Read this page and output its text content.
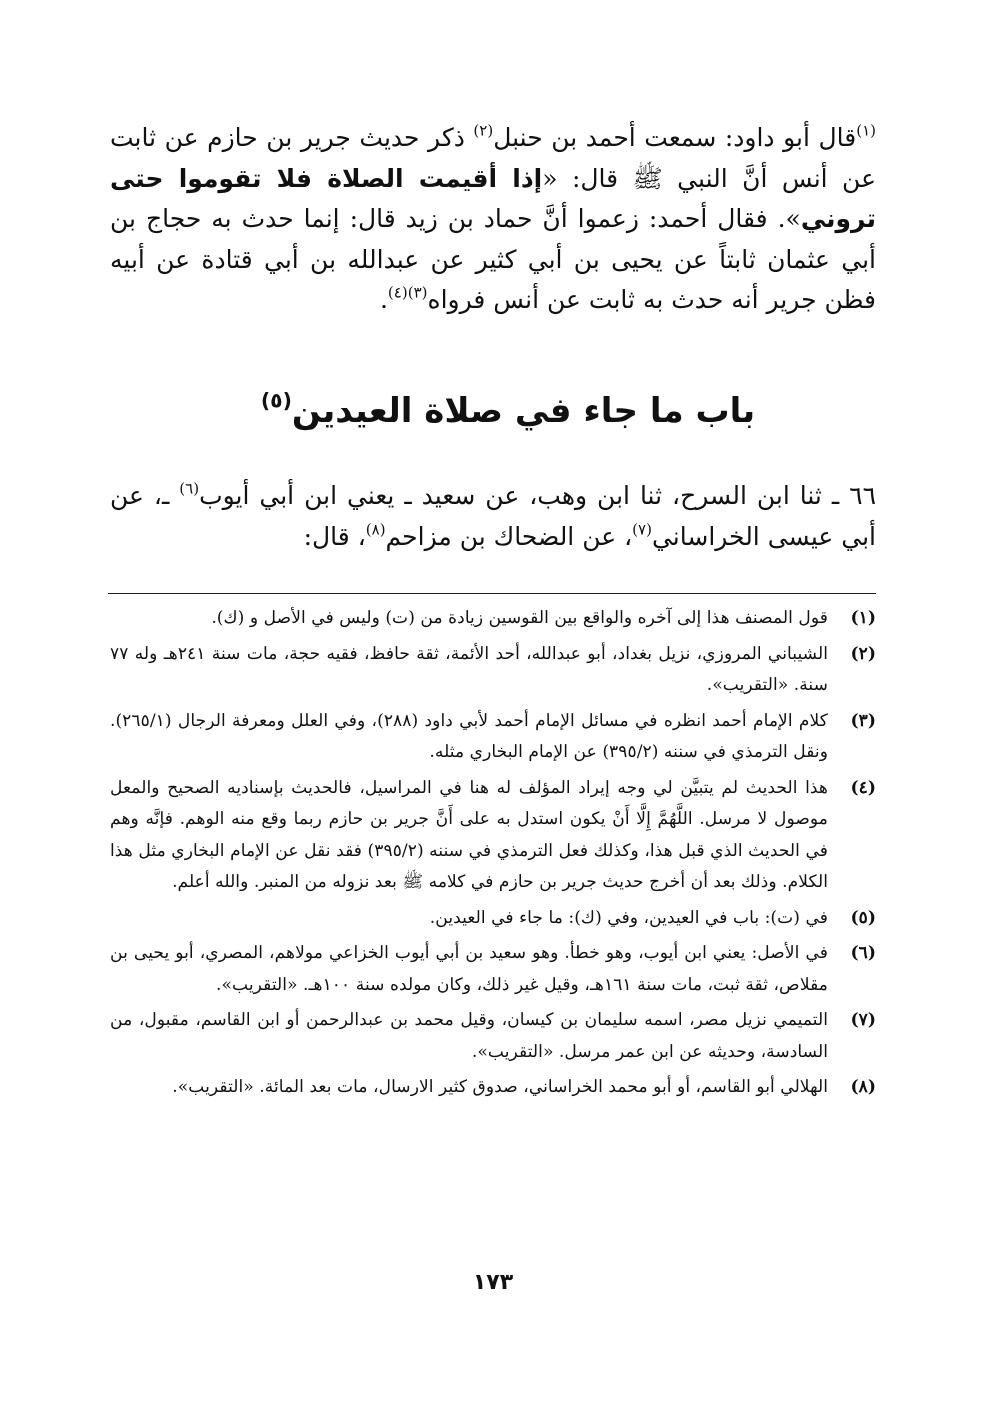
$^{(١)}$قال أبو داود: سمعت أحمد بن حنبل$^{(٢)}$ ذكر حديث جرير بن حازم عن ثابت عن أنس أنَّ النبي ﷺ قال: «إذا أقيمت الصلاة فلا تقوموا حتى تروني». فقال أحمد: زعموا أنَّ حماد بن زيد قال: إنما حدث به حجاج بن أبي عثمان ثابتاً عن يحيى بن أبي كثير عن عبدالله بن أبي قتادة عن أبيه فظن جرير أنه حدث به ثابت عن أنس فرواه$^{(٣)(٤)}$.

باب ما جاء في صلاة العيدين$^{(٥)}$

٦٦ ـ ثنا ابن السرح، ثنا ابن وهب، عن سعيد ـ يعني ابن أبي أيوب$^{(٦)}$ ـ، عن أبي عيسى الخراساني$^{(٧)}$، عن الضحاك بن مزاحم$^{(٨)}$، قال:

(١)
قول المصنف هذا إلى آخره والواقع بين القوسين زيادة من (ت) وليس في الأصل و (ك).
(٢)
الشيباني المروزي، نزيل بغداد، أبو عبدالله، أحد الأئمة، ثقة حافظ، فقيه حجة، مات سنة ٢٤١هـ وله ٧٧ سنة. «التقريب».
(٣)
كلام الإمام أحمد انظره في مسائل الإمام أحمد لأبي داود (٢٨٨)، وفي العلل ومعرفة الرجال (٢٦٥/١). ونقل الترمذي في سننه (٣٩٥/٢) عن الإمام البخاري مثله.
(٤)
هذا الحديث لم يتبيَّن لي وجه إيراد المؤلف له هنا في المراسيل، فالحديث بإسناديه الصحيح والمعل موصول لا مرسل. اللَّهُمَّ إِلَّا أَنْ يكون استدل به على أَنَّ جرير بن حازم ربما وقع منه الوهم. فإنَّه وهم في الحديث الذي قبل هذا، وكذلك فعل الترمذي في سننه (٣٩٥/٢) فقد نقل عن الإمام البخاري مثل هذا الكلام. وذلك بعد أن أخرج حديث جرير بن حازم في كلامه ﷺ بعد نزوله من المنبر. والله أعلم.
(٥)
في (ت): باب في العيدين، وفي (ك): ما جاء في العيدين.
(٦)
في الأصل: يعني ابن أيوب، وهو خطأ. وهو سعيد بن أبي أيوب الخزاعي مولاهم، المصري، أبو يحيى بن مقلاص، ثقة ثبت، مات سنة ١٦١هـ، وقيل غير ذلك، وكان مولده سنة ١٠٠هـ. «التقريب».
(٧)
التميمي نزيل مصر، اسمه سليمان بن كيسان، وقيل محمد بن عبدالرحمن أو ابن القاسم، مقبول، من السادسة، وحديثه عن ابن عمر مرسل. «التقريب».
(٨)
الهلالي أبو القاسم، أو أبو محمد الخراساني، صدوق كثير الارسال، مات بعد المائة. «التقريب».
١٧٣
